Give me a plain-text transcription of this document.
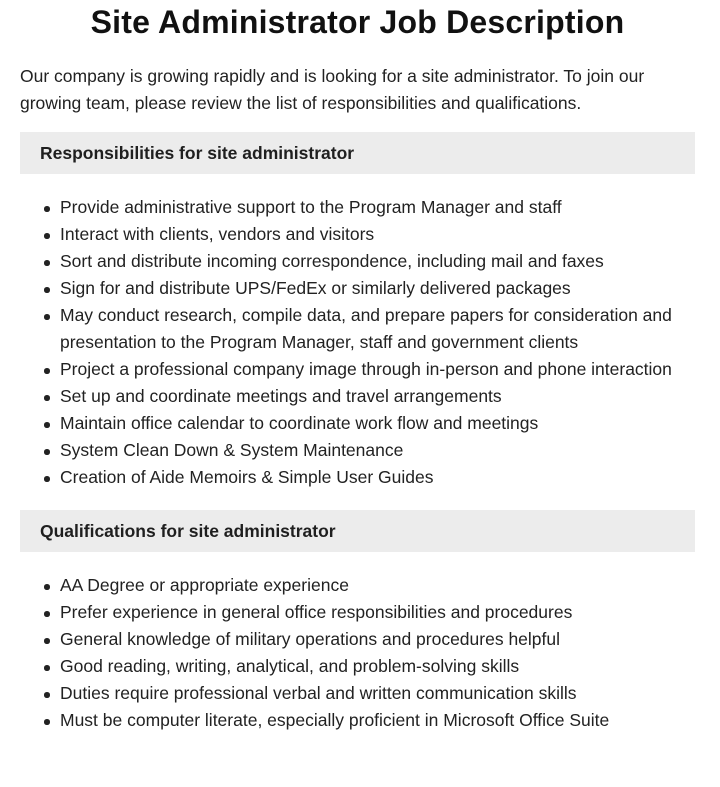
Site Administrator Job Description

Our company is growing rapidly and is looking for a site administrator. To join our growing team, please review the list of responsibilities and qualifications.

Responsibilities for site administrator
Provide administrative support to the Program Manager and staff
Interact with clients, vendors and visitors
Sort and distribute incoming correspondence, including mail and faxes
Sign for and distribute UPS/FedEx or similarly delivered packages
May conduct research, compile data, and prepare papers for consideration and presentation to the Program Manager, staff and government clients
Project a professional company image through in-person and phone interaction
Set up and coordinate meetings and travel arrangements
Maintain office calendar to coordinate work flow and meetings
System Clean Down & System Maintenance
Creation of Aide Memoirs & Simple User Guides
Qualifications for site administrator
AA Degree or appropriate experience
Prefer experience in general office responsibilities and procedures
General knowledge of military operations and procedures helpful
Good reading, writing, analytical, and problem-solving skills
Duties require professional verbal and written communication skills
Must be computer literate, especially proficient in Microsoft Office Suite
